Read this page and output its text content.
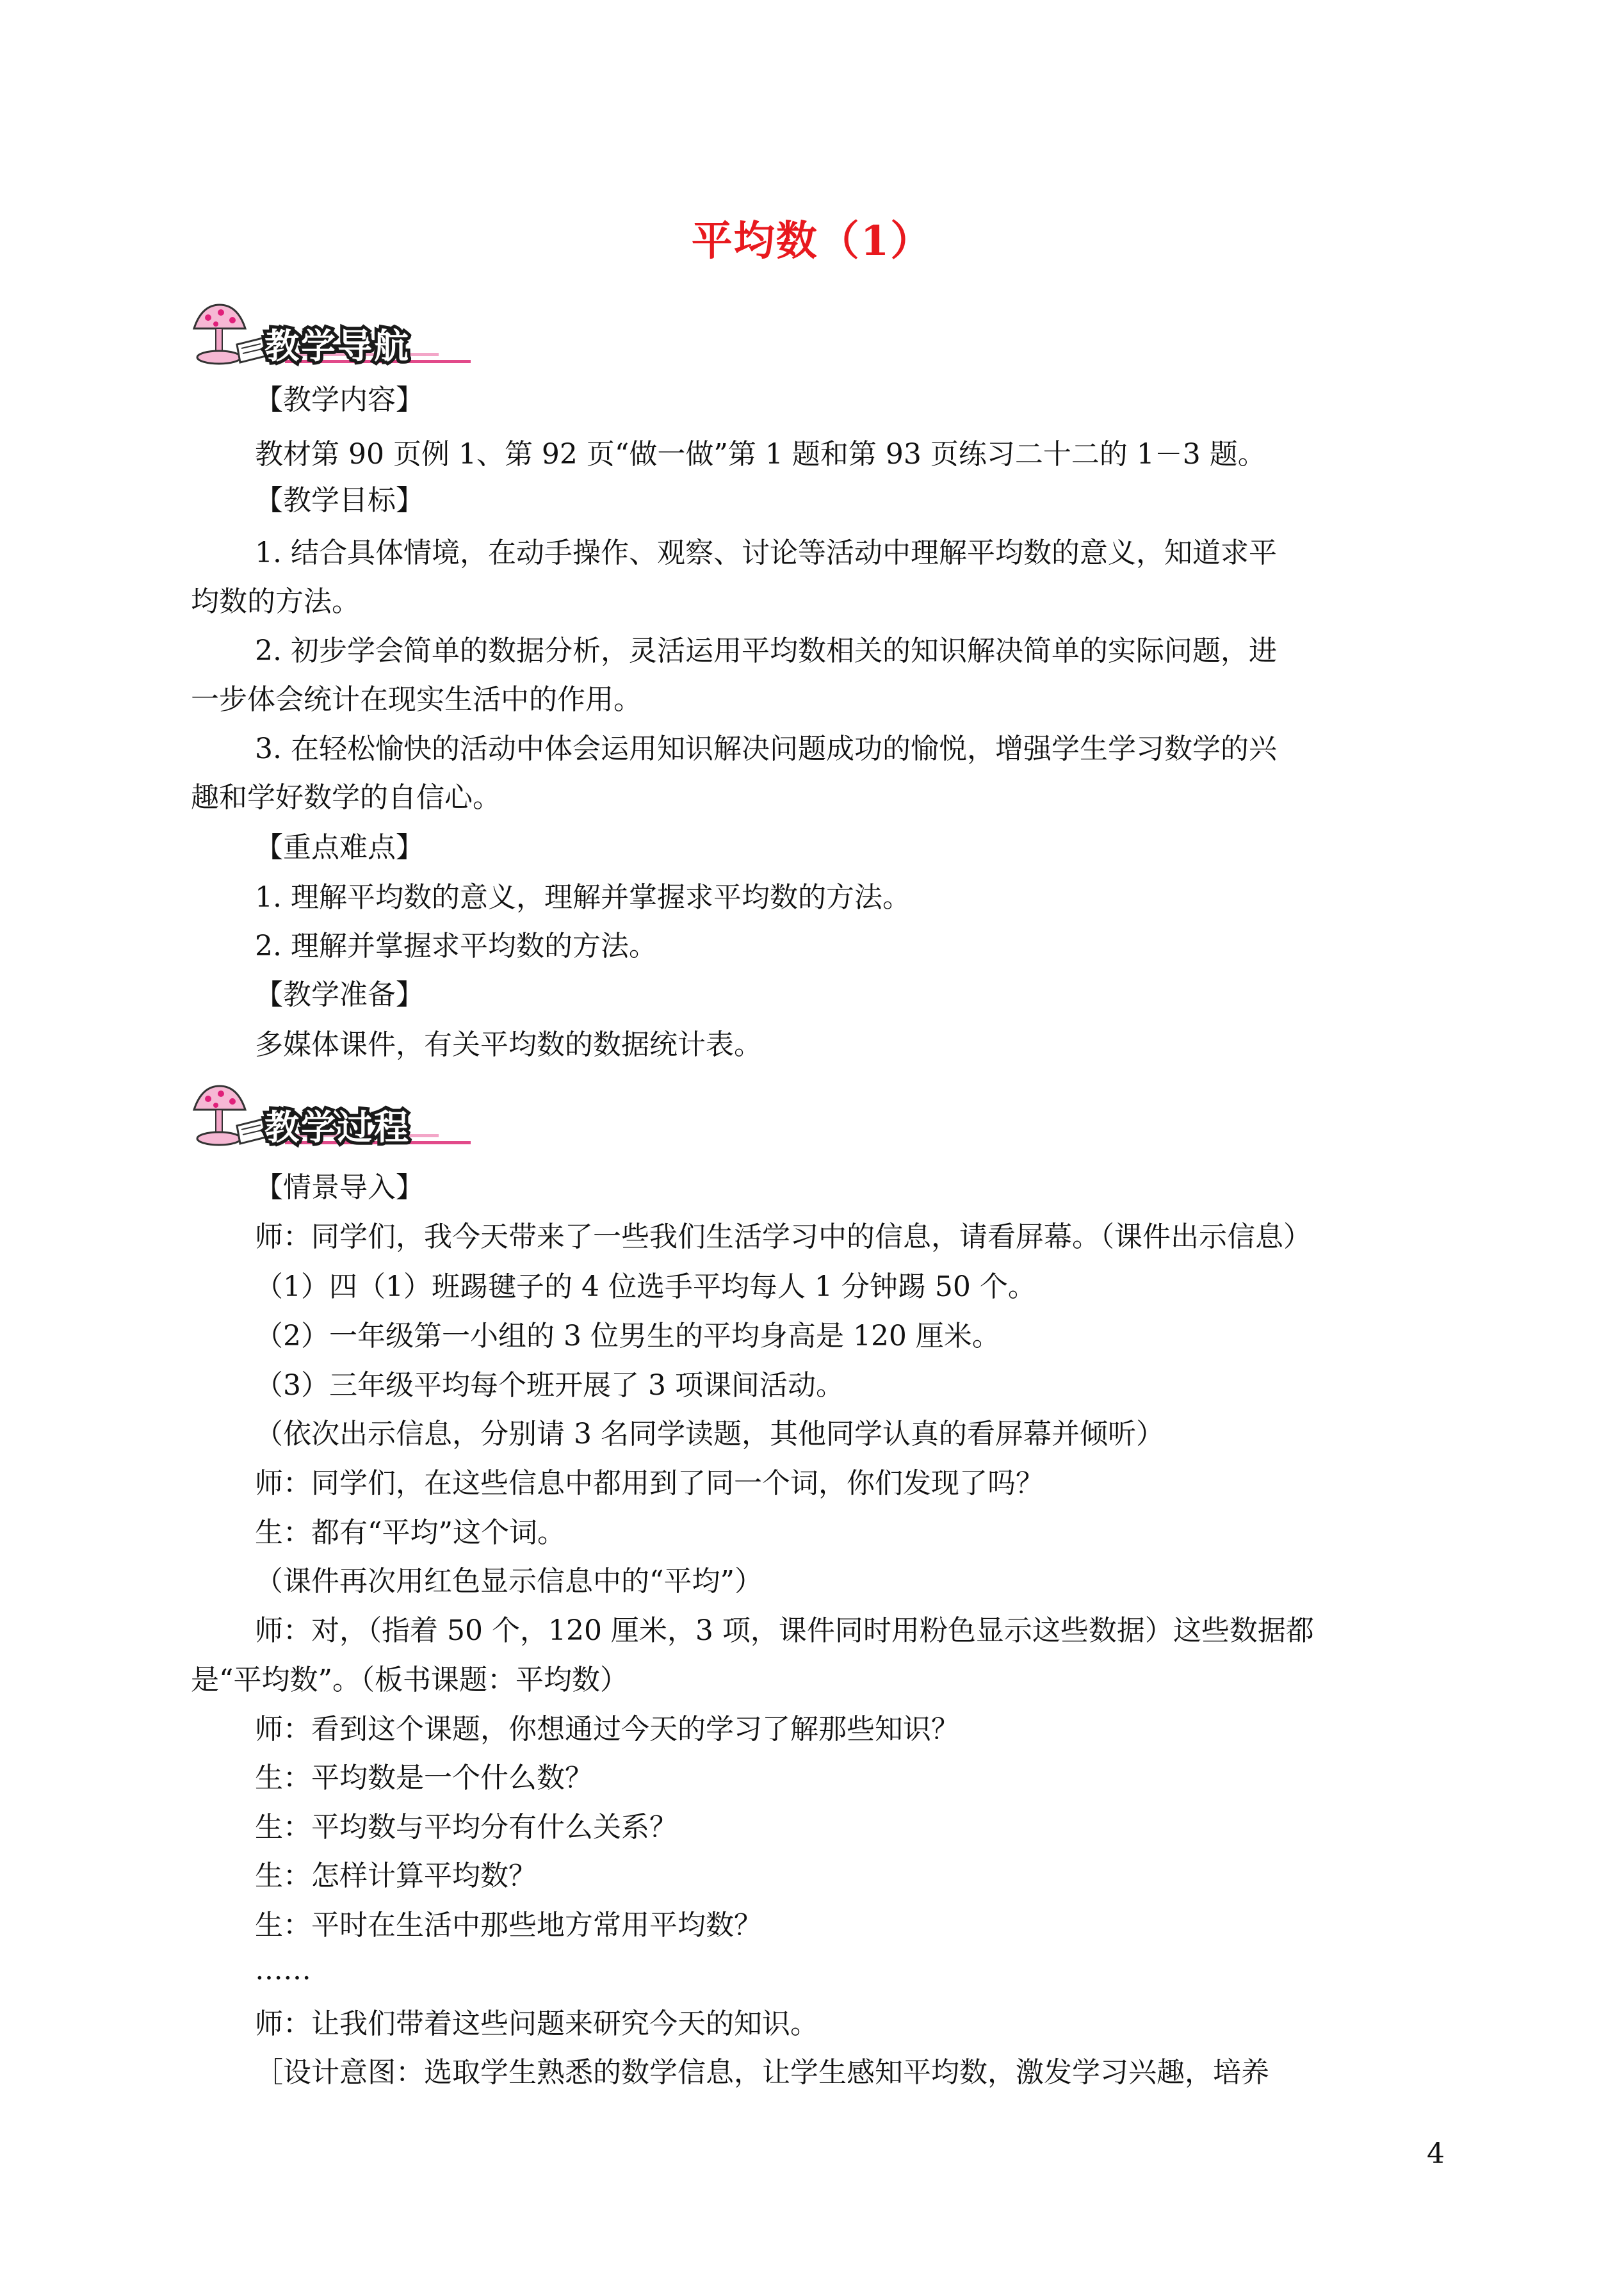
平均数（1）
教学导航
【教学内容】
教材第 90 页例 1、第 92 页“做一做”第 1 题和第 93 页练习二十二的 1－3 题。
【教学目标】
1. 结合具体情境，在动手操作、观察、讨论等活动中理解平均数的意义，知道求平
均数的方法。
2. 初步学会简单的数据分析，灵活运用平均数相关的知识解决简单的实际问题，进
一步体会统计在现实生活中的作用。
3. 在轻松愉快的活动中体会运用知识解决问题成功的愉悦，增强学生学习数学的兴
趣和学好数学的自信心。
【重点难点】
1. 理解平均数的意义，理解并掌握求平均数的方法。
2. 理解并掌握求平均数的方法。
【教学准备】
多媒体课件，有关平均数的数据统计表。
教学过程
【情景导入】
师：同学们，我今天带来了一些我们生活学习中的信息，请看屏幕。（课件出示信息）
（1）四（1）班踢毽子的 4 位选手平均每人 1 分钟踢 50 个。
（2）一年级第一小组的 3 位男生的平均身高是 120 厘米。
（3）三年级平均每个班开展了 3 项课间活动。
（依次出示信息，分别请 3 名同学读题，其他同学认真的看屏幕并倾听）
师：同学们，在这些信息中都用到了同一个词，你们发现了吗？
生：都有“平均”这个词。
（课件再次用红色显示信息中的“平均”）
师：对，（指着 50 个，120 厘米，3 项，课件同时用粉色显示这些数据）这些数据都
是“平均数”。（板书课题：平均数）
师：看到这个课题，你想通过今天的学习了解那些知识？
生：平均数是一个什么数？
生：平均数与平均分有什么关系？
生：怎样计算平均数？
生：平时在生活中那些地方常用平均数？
……
师：让我们带着这些问题来研究今天的知识。
［设计意图：选取学生熟悉的数学信息，让学生感知平均数，激发学习兴趣，培养
4
